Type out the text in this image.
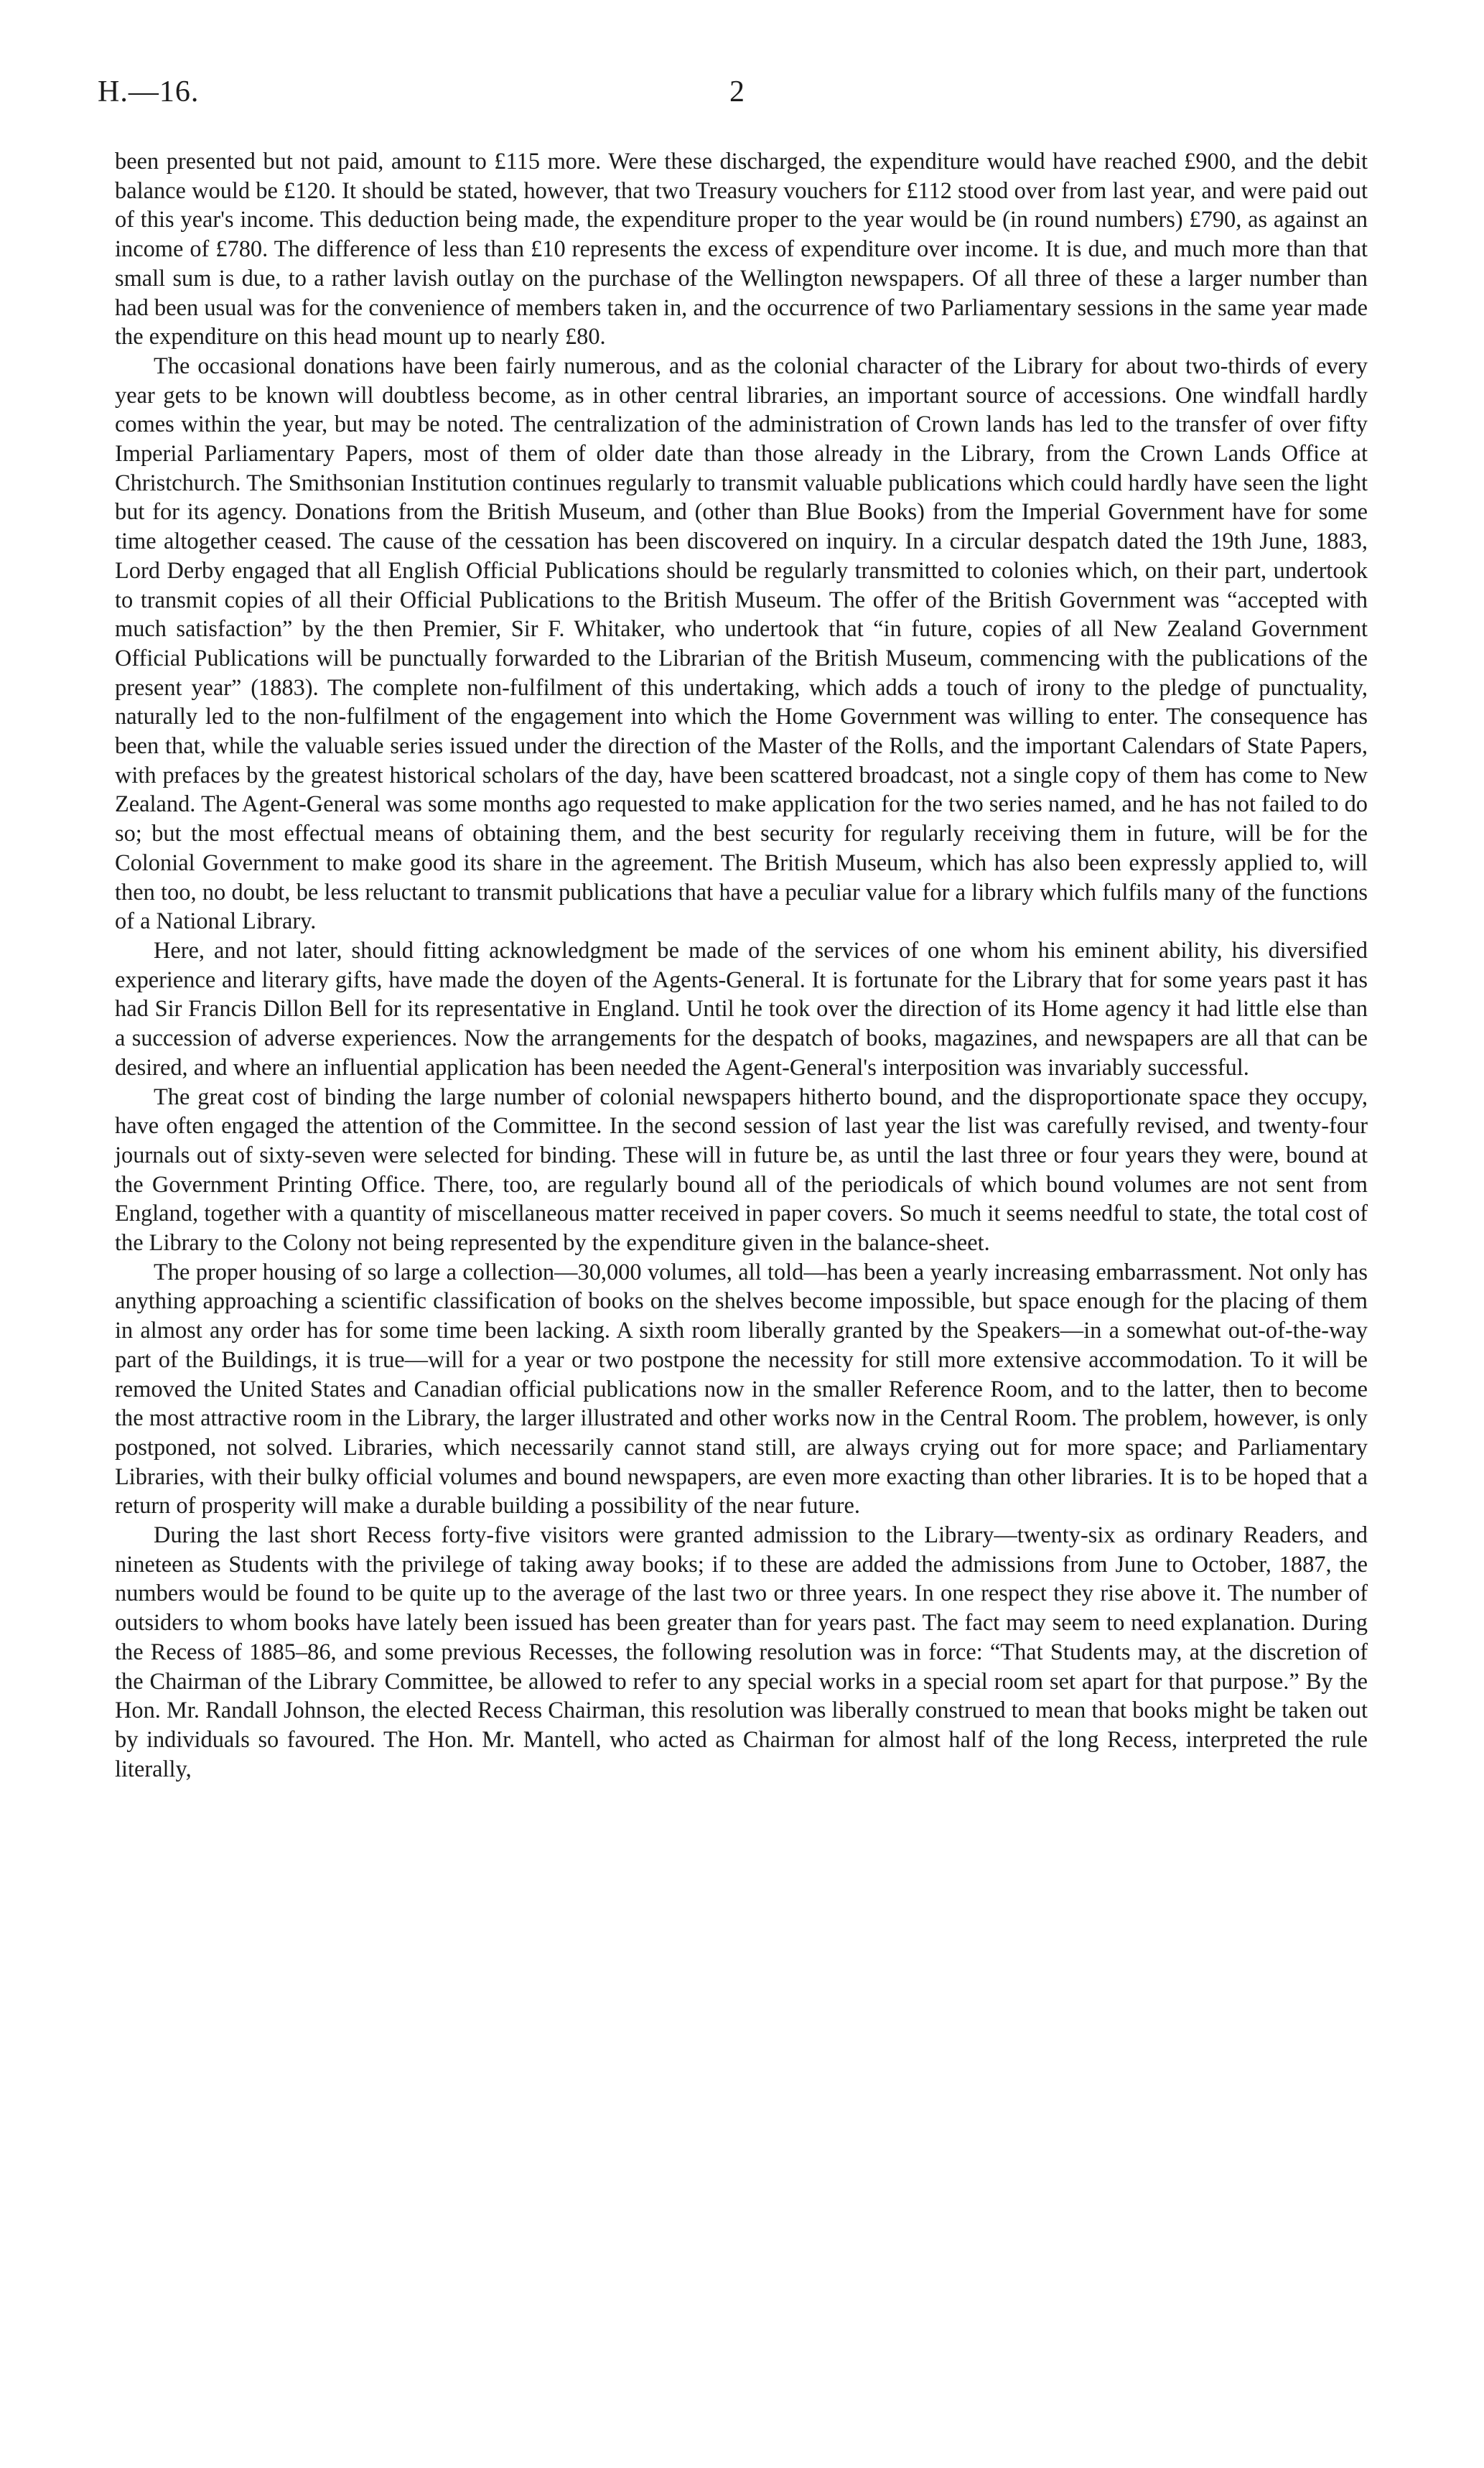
H.—16.	2

been presented but not paid, amount to £115 more. Were these discharged, the expenditure would have reached £900, and the debit balance would be £120. It should be stated, however, that two Treasury vouchers for £112 stood over from last year, and were paid out of this year's income. This deduction being made, the expenditure proper to the year would be (in round numbers) £790, as against an income of £780. The difference of less than £10 represents the excess of expenditure over income. It is due, and much more than that small sum is due, to a rather lavish outlay on the purchase of the Wellington newspapers. Of all three of these a larger number than had been usual was for the convenience of members taken in, and the occurrence of two Parliamentary sessions in the same year made the expenditure on this head mount up to nearly £80.

The occasional donations have been fairly numerous, and as the colonial character of the Library for about two-thirds of every year gets to be known will doubtless become, as in other central libraries, an important source of accessions. One windfall hardly comes within the year, but may be noted. The centralization of the administration of Crown lands has led to the transfer of over fifty Imperial Parliamentary Papers, most of them of older date than those already in the Library, from the Crown Lands Office at Christchurch. The Smithsonian Institution continues regularly to transmit valuable publications which could hardly have seen the light but for its agency. Donations from the British Museum, and (other than Blue Books) from the Imperial Government have for some time altogether ceased. The cause of the cessation has been discovered on inquiry. In a circular despatch dated the 19th June, 1883, Lord Derby engaged that all English Official Publications should be regularly transmitted to colonies which, on their part, undertook to transmit copies of all their Official Publications to the British Museum. The offer of the British Government was “accepted with much satisfaction” by the then Premier, Sir F. Whitaker, who undertook that “in future, copies of all New Zealand Government Official Publications will be punctually forwarded to the Librarian of the British Museum, commencing with the publications of the present year” (1883). The complete non-fulfilment of this undertaking, which adds a touch of irony to the pledge of punctuality, naturally led to the non-fulfilment of the engagement into which the Home Government was willing to enter. The consequence has been that, while the valuable series issued under the direction of the Master of the Rolls, and the important Calendars of State Papers, with prefaces by the greatest historical scholars of the day, have been scattered broadcast, not a single copy of them has come to New Zealand. The Agent-General was some months ago requested to make application for the two series named, and he has not failed to do so; but the most effectual means of obtaining them, and the best security for regularly receiving them in future, will be for the Colonial Government to make good its share in the agreement. The British Museum, which has also been expressly applied to, will then too, no doubt, be less reluctant to transmit publications that have a peculiar value for a library which fulfils many of the functions of a National Library.

Here, and not later, should fitting acknowledgment be made of the services of one whom his eminent ability, his diversified experience and literary gifts, have made the doyen of the Agents-General. It is fortunate for the Library that for some years past it has had Sir Francis Dillon Bell for its representative in England. Until he took over the direction of its Home agency it had little else than a succession of adverse experiences. Now the arrangements for the despatch of books, magazines, and newspapers are all that can be desired, and where an influential application has been needed the Agent-General's interposition was invariably successful.

The great cost of binding the large number of colonial newspapers hitherto bound, and the disproportionate space they occupy, have often engaged the attention of the Committee. In the second session of last year the list was carefully revised, and twenty-four journals out of sixty-seven were selected for binding. These will in future be, as until the last three or four years they were, bound at the Government Printing Office. There, too, are regularly bound all of the periodicals of which bound volumes are not sent from England, together with a quantity of miscellaneous matter received in paper covers. So much it seems needful to state, the total cost of the Library to the Colony not being represented by the expenditure given in the balance-sheet.

The proper housing of so large a collection—30,000 volumes, all told—has been a yearly increasing embarrassment. Not only has anything approaching a scientific classification of books on the shelves become impossible, but space enough for the placing of them in almost any order has for some time been lacking. A sixth room liberally granted by the Speakers—in a somewhat out-of-the-way part of the Buildings, it is true—will for a year or two postpone the necessity for still more extensive accommodation. To it will be removed the United States and Canadian official publications now in the smaller Reference Room, and to the latter, then to become the most attractive room in the Library, the larger illustrated and other works now in the Central Room. The problem, however, is only postponed, not solved. Libraries, which necessarily cannot stand still, are always crying out for more space; and Parliamentary Libraries, with their bulky official volumes and bound newspapers, are even more exacting than other libraries. It is to be hoped that a return of prosperity will make a durable building a possibility of the near future.

During the last short Recess forty-five visitors were granted admission to the Library—twenty-six as ordinary Readers, and nineteen as Students with the privilege of taking away books; if to these are added the admissions from June to October, 1887, the numbers would be found to be quite up to the average of the last two or three years. In one respect they rise above it. The number of outsiders to whom books have lately been issued has been greater than for years past. The fact may seem to need explanation. During the Recess of 1885–86, and some previous Recesses, the following resolution was in force: “That Students may, at the discretion of the Chairman of the Library Committee, be allowed to refer to any special works in a special room set apart for that purpose.” By the Hon. Mr. Randall Johnson, the elected Recess Chairman, this resolution was liberally construed to mean that books might be taken out by individuals so favoured. The Hon. Mr. Mantell, who acted as Chairman for almost half of the long Recess, interpreted the rule literally,
